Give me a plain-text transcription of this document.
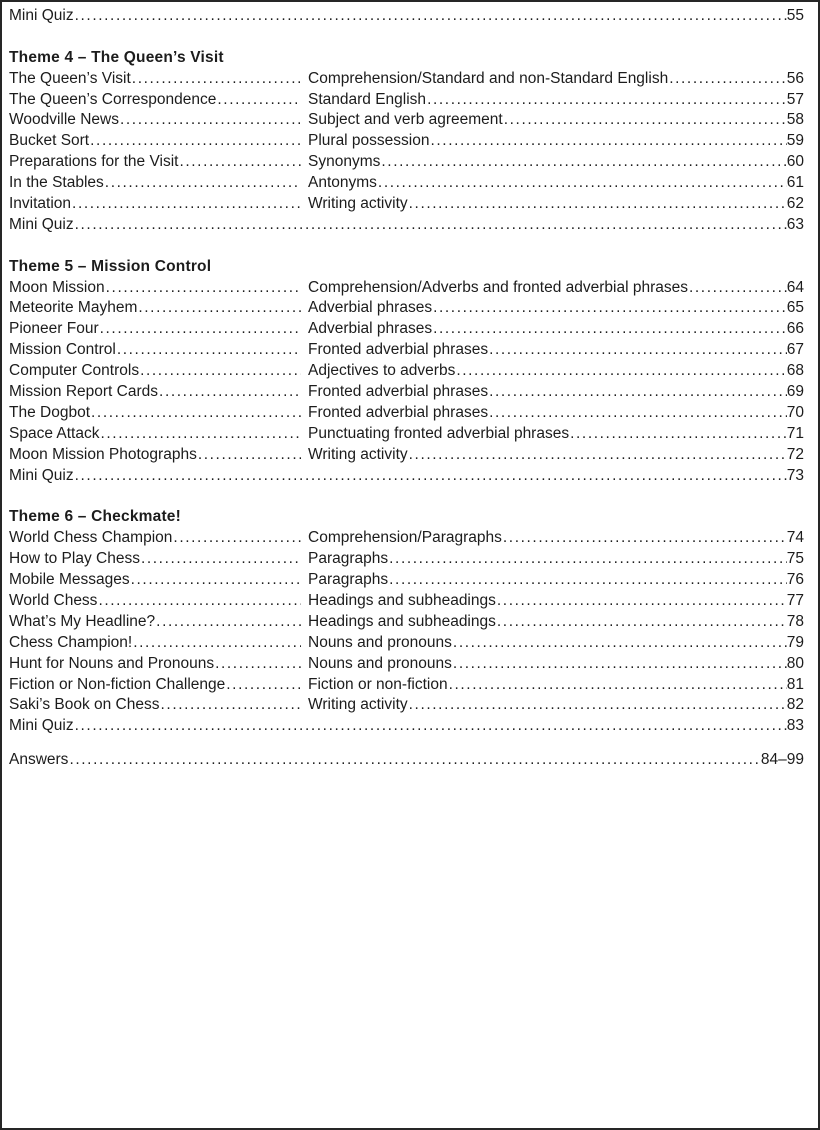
Mini Quiz .....	55
Theme 4 – The Queen’s Visit
The Queen’s Visit .....	Comprehension/Standard and non-Standard English .....	56
The Queen’s Correspondence .....	Standard English .....	57
Woodville News .....	Subject and verb agreement .....	58
Bucket Sort .....	Plural possession .....	59
Preparations for the Visit .....	Synonyms .....	60
In the Stables .....	Antonyms .....	61
Invitation .....	Writing activity .....	62
Mini Quiz .....	63
Theme 5 – Mission Control
Moon Mission .....	Comprehension/Adverbs and fronted adverbial phrases .....	64
Meteorite Mayhem .....	Adverbial phrases .....	65
Pioneer Four .....	Adverbial phrases .....	66
Mission Control .....	Fronted adverbial phrases .....	67
Computer Controls .....	Adjectives to adverbs .....	68
Mission Report Cards .....	Fronted adverbial phrases .....	69
The Dogbot .....	Fronted adverbial phrases .....	70
Space Attack .....	Punctuating fronted adverbial phrases .....	71
Moon Mission Photographs .....	Writing activity .....	72
Mini Quiz .....	73
Theme 6 – Checkmate!
World Chess Champion .....	Comprehension/Paragraphs .....	74
How to Play Chess .....	Paragraphs .....	75
Mobile Messages .....	Paragraphs .....	76
World Chess .....	Headings and subheadings .....	77
What’s My Headline? .....	Headings and subheadings .....	78
Chess Champion! .....	Nouns and pronouns .....	79
Hunt for Nouns and Pronouns .....	Nouns and pronouns .....	80
Fiction or Non-fiction Challenge .....	Fiction or non-fiction .....	81
Saki’s Book on Chess .....	Writing activity .....	82
Mini Quiz .....	83
Answers .....	84–99
